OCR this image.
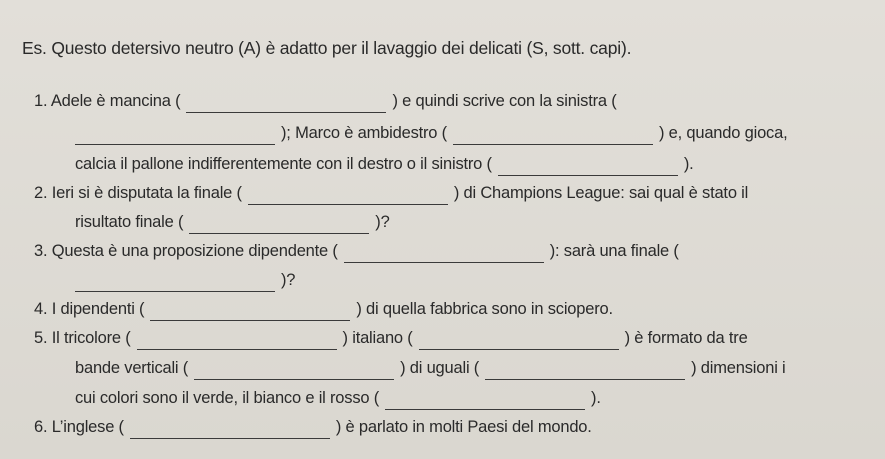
Es. Questo detersivo neutro (A) è adatto per il lavaggio dei delicati (S, sott. capi).
1. Adele è mancina (	) e quindi scrive con la sinistra (
); Marco è ambidestro (	) e, quando gioca,
calcia il pallone indifferentemente con il destro o il sinistro (	).
2. Ieri si è disputata la finale (	) di Champions League: sai qual è stato il
risultato finale (	)?
3. Questa è una proposizione dipendente (	): sarà una finale (
)?
4. I dipendenti (	) di quella fabbrica sono in sciopero.
5. Il tricolore (	) italiano (	) è formato da tre
bande verticali (	) di uguali (	) dimensioni i
cui colori sono il verde, il bianco e il rosso (	).
6. L’inglese (	) è parlato in molti Paesi del mondo.
